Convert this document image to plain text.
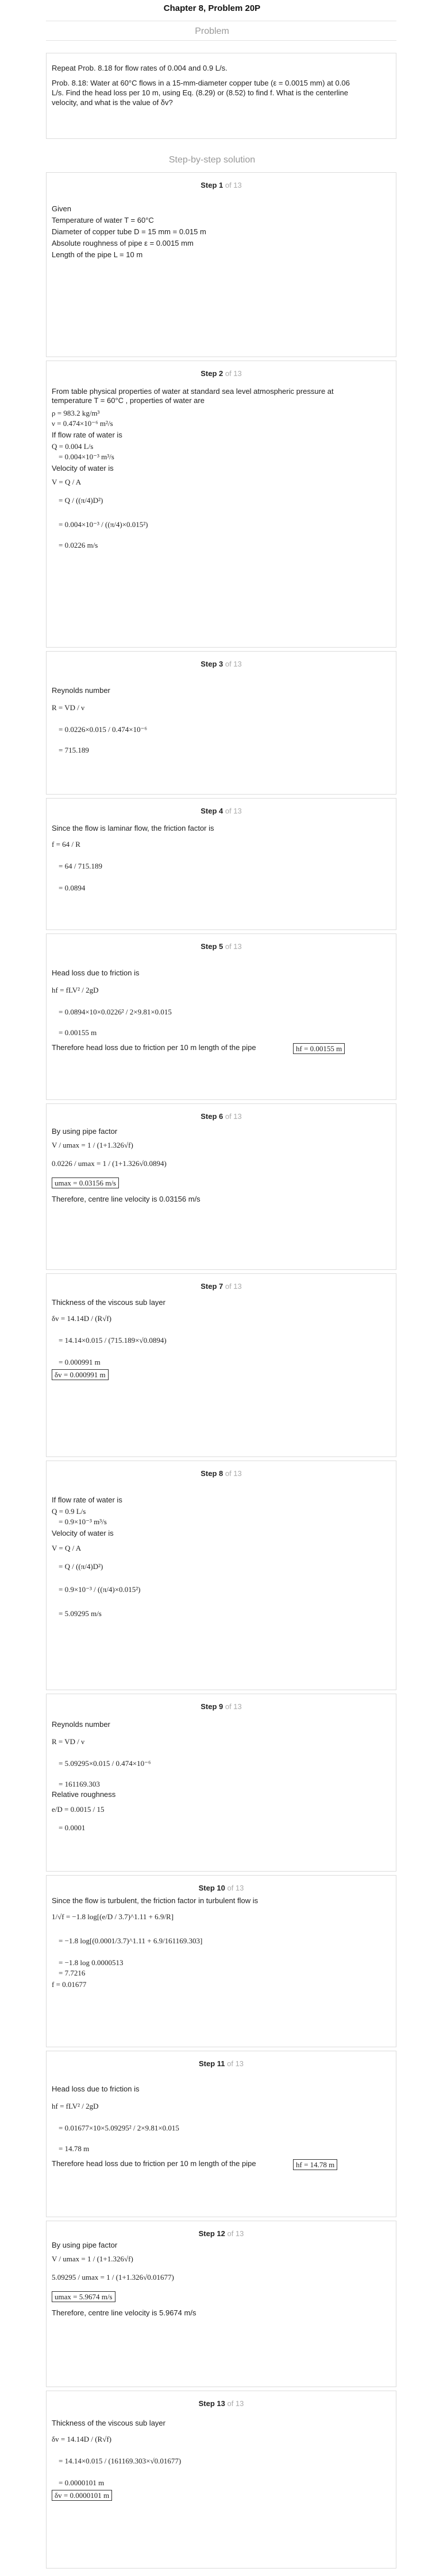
Chapter 8, Problem 20P
Problem
Repeat Prob. 8.18 for flow rates of 0.004 and 0.9 L/s.
Prob. 8.18: Water at 60°C flows in a 15-mm-diameter copper tube (ε = 0.0015 mm) at 0.06
L/s. Find the head loss per 10 m, using Eq. (8.29) or (8.52) to find f. What is the centerline
velocity, and what is the value of δv?
Step-by-step solution
Step 1 of 13
Given
Temperature of water T = 60°C
Diameter of copper tube D = 15 mm = 0.015 m
Absolute roughness of pipe ε = 0.0015 mm
Length of the pipe L = 10 m
Step 2 of 13
From table physical properties of water at standard sea level atmospheric pressure at
temperature T = 60°C , properties of water are
ρ = 983.2 kg/m³
ν = 0.474×10⁻⁶ m²/s
If flow rate of water is
Q = 0.004 L/s
= 0.004×10⁻³ m³/s
Velocity of water is
V = Q / A
= Q / ((π/4)D²)
= 0.004×10⁻³ / ((π/4)×0.015²)
= 0.0226 m/s
Step 3 of 13
Reynolds number
R = VD / ν
= 0.0226×0.015 / 0.474×10⁻⁶
= 715.189
Step 4 of 13
Since the flow is laminar flow, the friction factor is
f = 64 / R
= 64 / 715.189
= 0.0894
Step 5 of 13
Head loss due to friction is
hf = fLV² / 2gD
= 0.0894×10×0.0226² / 2×9.81×0.015
= 0.00155 m
Therefore head loss due to friction per 10 m length of the pipe	hf = 0.00155 m
Step 6 of 13
By using pipe factor
V / umax = 1 / (1+1.326√f)
0.0226 / umax = 1 / (1+1.326√0.0894)
umax = 0.03156 m/s
Therefore, centre line velocity is 0.03156 m/s
Step 7 of 13
Thickness of the viscous sub layer
δv = 14.14D / (R√f)
= 14.14×0.015 / (715.189×√0.0894)
= 0.000991 m
δv = 0.000991 m
Step 8 of 13
If flow rate of water is
Q = 0.9 L/s
= 0.9×10⁻³ m³/s
Velocity of water is
V = Q / A
= Q / ((π/4)D²)
= 0.9×10⁻³ / ((π/4)×0.015²)
= 5.09295 m/s
Step 9 of 13
Reynolds number
R = VD / ν
= 5.09295×0.015 / 0.474×10⁻⁶
= 161169.303
Relative roughness
e/D = 0.0015 / 15
= 0.0001
Step 10 of 13
Since the flow is turbulent, the friction factor in turbulent flow is
1/√f = −1.8 log[(e/D / 3.7)^1.11 + 6.9/R]
= −1.8 log[(0.0001/3.7)^1.11 + 6.9/161169.303]
= −1.8 log 0.0000513
= 7.7216
f = 0.01677
Step 11 of 13
Head loss due to friction is
hf = fLV² / 2gD
= 0.01677×10×5.09295² / 2×9.81×0.015
= 14.78 m
Therefore head loss due to friction per 10 m length of the pipe	hf = 14.78 m
Step 12 of 13
By using pipe factor
V / umax = 1 / (1+1.326√f)
5.09295 / umax = 1 / (1+1.326√0.01677)
umax = 5.9674 m/s
Therefore, centre line velocity is 5.9674 m/s
Step 13 of 13
Thickness of the viscous sub layer
δv = 14.14D / (R√f)
= 14.14×0.015 / (161169.303×√0.01677)
= 0.0000101 m
δv = 0.0000101 m
